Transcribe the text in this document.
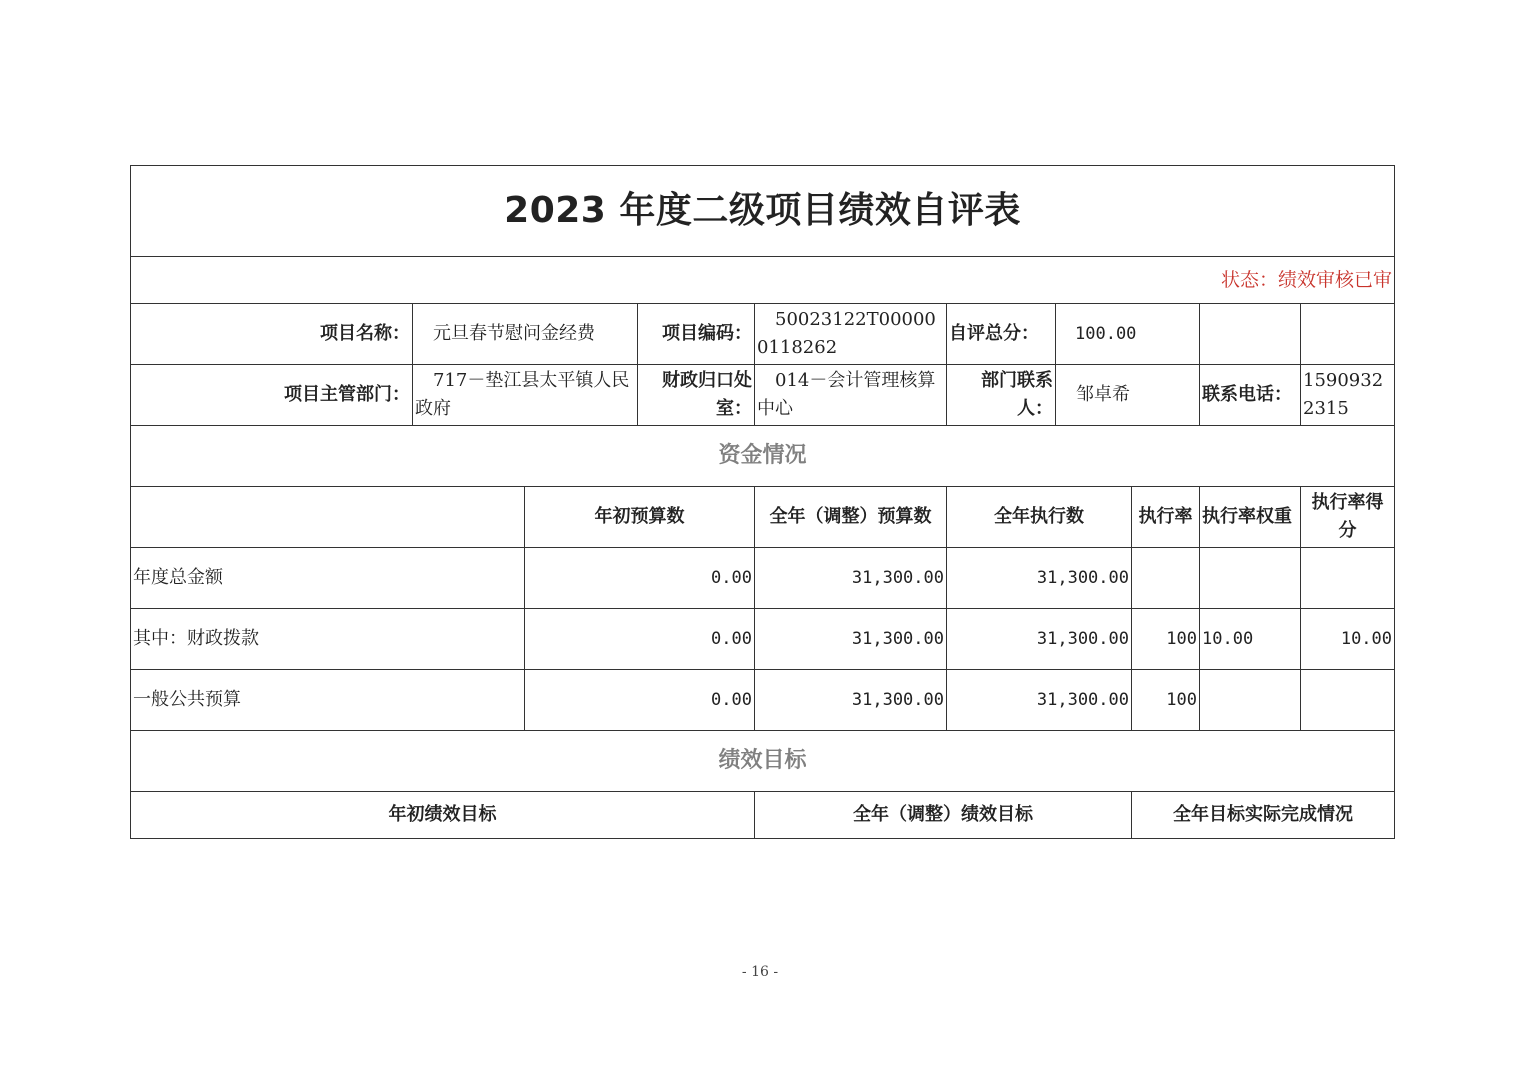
2023 年度二级项目绩效自评表									
状态：绩效审核已审									
项目名称：	元旦春节慰问金经费		项目编码：	50023122T000000118262	自评总分：	100.00			
项目主管部门：	717－垫江县太平镇人民政府		财政归口处室：	014－会计管理核算中心	部门联系人：	邹卓希		联系电话：	15909322315
资金情况									
		年初预算数		全年（调整）预算数	全年执行数		执行率	执行率权重	执行率得分
年度总金额		0.00		31,300.00	31,300.00				
其中：财政拨款		0.00		31,300.00	31,300.00		100	10.00	10.00
一般公共预算		0.00		31,300.00	31,300.00		100		
绩效目标									
年初绩效目标				全年（调整）绩效目标			全年目标实际完成情况		
- 16 -
